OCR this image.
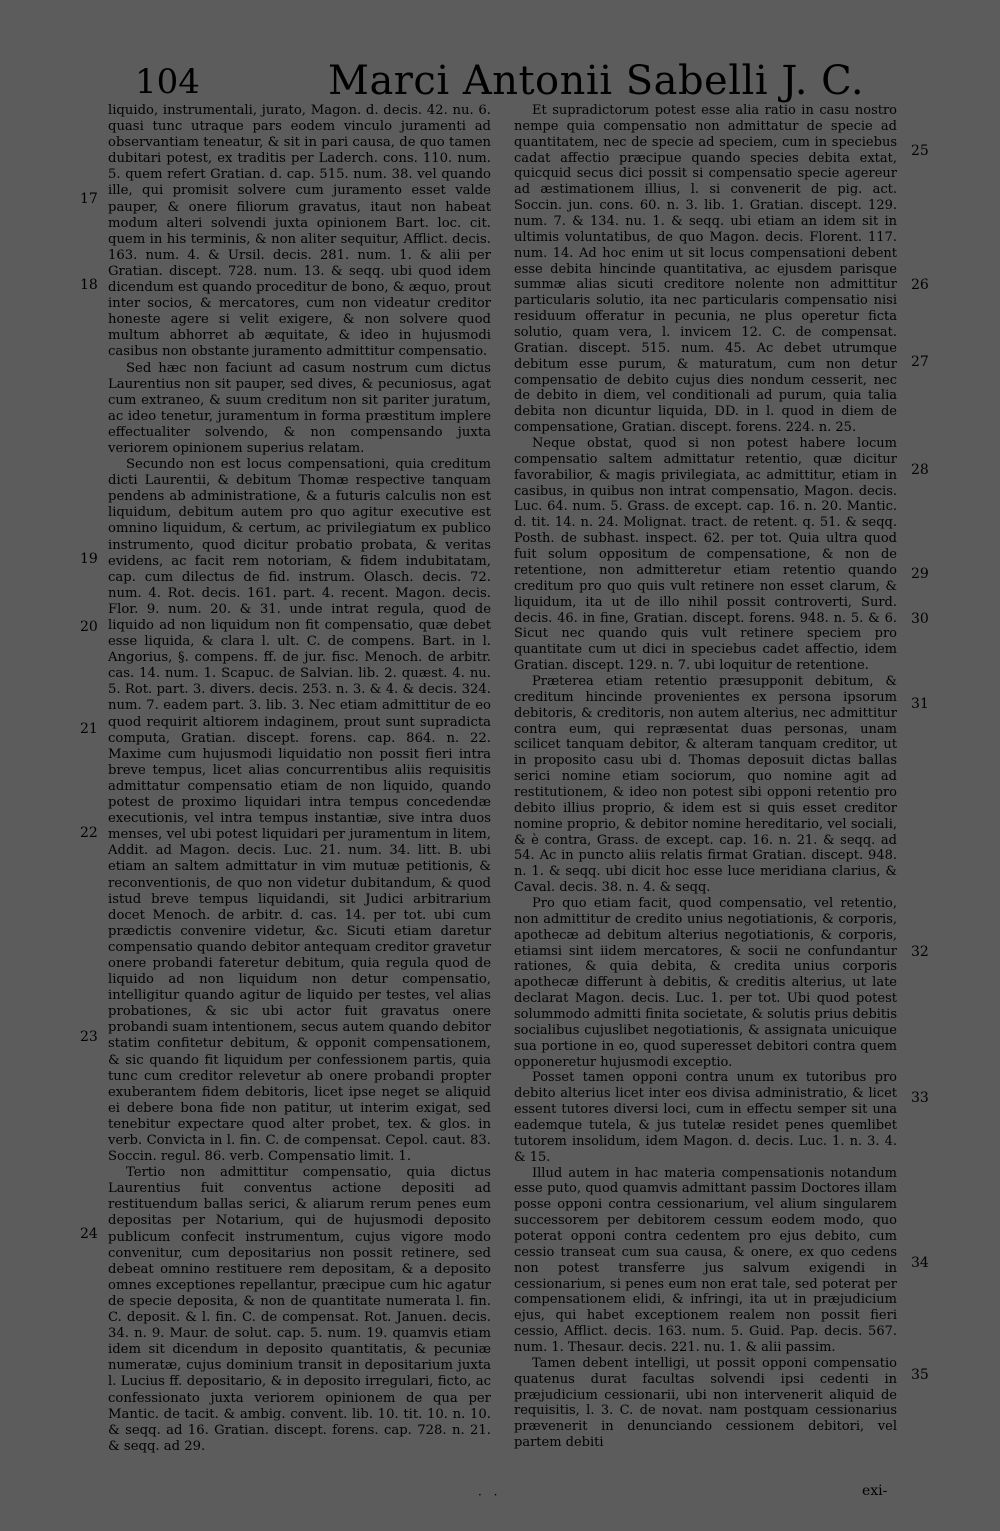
104	Marci Antonii Sabelli J. C.
17
18
19
20
21
22
23
24
25
26
27
28
29
30
31
32
33
34
35

liquido, instrumentali, jurato, Magon. d. decis. 42. nu. 6. quasi tunc utraque pars eodem vinculo juramenti ad observantiam teneatur, & sit in pari causa, de quo tamen dubitari potest, ex traditis per Laderch. cons. 110. num. 5. quem refert Gratian. d. cap. 515. num. 38. vel quando ille, qui promisit solvere cum juramento esset valde pauper, & onere filiorum gravatus, itaut non habeat modum alteri solvendi juxta opinionem Bart. loc. cit. quem in his terminis, & non aliter sequitur, Afflict. decis. 163. num. 4. & Ursil. decis. 281. num. 1. & alii per Gratian. discept. 728. num. 13. & seqq. ubi quod idem dicendum est quando proceditur de bono, & æquo, prout inter socios, & mercatores, cum non videatur creditor honeste agere si velit exigere, & non solvere quod multum abhorret ab æquitate, & ideo in hujusmodi casibus non obstante juramento admittitur compensatio.

Sed hæc non faciunt ad casum nostrum cum dictus Laurentius non sit pauper, sed dives, & pecuniosus, agat cum extraneo, & suum creditum non sit pariter juratum, ac ideo tenetur, juramentum in forma præstitum implere effectualiter solvendo, & non compensando juxta veriorem opinionem superius relatam.

Secundo non est locus compensationi, quia creditum dicti Laurentii, & debitum Thomæ respective tanquam pendens ab administratione, & a futuris calculis non est liquidum, debitum autem pro quo agitur executive est omnino liquidum, & certum, ac privilegiatum ex publico instrumento, quod dicitur probatio probata, & veritas evidens, ac facit rem notoriam, & fidem indubitatam, cap. cum dilectus de fid. instrum. Olasch. decis. 72. num. 4. Rot. decis. 161. part. 4. recent. Magon. decis. Flor. 9. num. 20. & 31. unde intrat regula, quod de liquido ad non liquidum non fit compensatio, quæ debet esse liquida, & clara l. ult. C. de compens. Bart. in l. Angorius, §. compens. ff. de jur. fisc. Menoch. de arbitr. cas. 14. num. 1. Scapuc. de Salvian. lib. 2. quæst. 4. nu. 5. Rot. part. 3. divers. decis. 253. n. 3. & 4. & decis. 324. num. 7. eadem part. 3. lib. 3. Nec etiam admittitur de eo quod requirit altiorem indaginem, prout sunt supradicta computa, Gratian. discept. forens. cap. 864. n. 22. Maxime cum hujusmodi liquidatio non possit fieri intra breve tempus, licet alias concurrentibus aliis requisitis admittatur compensatio etiam de non liquido, quando potest de proximo liquidari intra tempus concedendæ executionis, vel intra tempus instantiæ, sive intra duos menses, vel ubi potest liquidari per juramentum in litem, Addit. ad Magon. decis. Luc. 21. num. 34. litt. B. ubi etiam an saltem admittatur in vim mutuæ petitionis, & reconventionis, de quo non videtur dubitandum, & quod istud breve tempus liquidandi, sit Judici arbitrarium docet Menoch. de arbitr. d. cas. 14. per tot. ubi cum prædictis convenire videtur, &c. Sicuti etiam daretur compensatio quando debitor antequam creditor gravetur onere probandi fateretur debitum, quia regula quod de liquido ad non liquidum non detur compensatio, intelligitur quando agitur de liquido per testes, vel alias probationes, & sic ubi actor fuit gravatus onere probandi suam intentionem, secus autem quando debitor statim confitetur debitum, & opponit compensationem, & sic quando fit liquidum per confessionem partis, quia tunc cum creditor relevetur ab onere probandi propter exuberantem fidem debitoris, licet ipse neget se aliquid ei debere bona fide non patitur, ut interim exigat, sed tenebitur expectare quod alter probet, tex. & glos. in verb. Convicta in l. fin. C. de compensat. Cepol. caut. 83. Soccin. regul. 86. verb. Compensatio limit. 1.

Tertio non admittitur compensatio, quia dictus Laurentius fuit conventus actione depositi ad restituendum ballas serici, & aliarum rerum penes eum depositas per Notarium, qui de hujusmodi deposito publicum confecit instrumentum, cujus vigore modo convenitur, cum depositarius non possit retinere, sed debeat omnino restituere rem depositam, & a deposito omnes exceptiones repellantur, præcipue cum hic agatur de specie deposita, & non de quantitate numerata l. fin. C. deposit. & l. fin. C. de compensat. Rot. Januen. decis. 34. n. 9. Maur. de solut. cap. 5. num. 19. quamvis etiam idem sit dicendum in deposito quantitatis, & pecuniæ numeratæ, cujus dominium transit in depositarium juxta l. Lucius ff. depositario, & in deposito irregulari, ficto, ac confessionato juxta veriorem opinionem de qua per Mantic. de tacit. & ambig. convent. lib. 10. tit. 10. n. 10. & seqq. ad 16. Gratian. discept. forens. cap. 728. n. 21. & seqq. ad 29.

Et supradictorum potest esse alia ratio in casu nostro nempe quia compensatio non admittatur de specie ad quantitatem, nec de specie ad speciem, cum in speciebus cadat affectio præcipue quando species debita extat, quicquid secus dici possit si compensatio specie agereur ad æstimationem illius, l. si convenerit de pig. act. Soccin. jun. cons. 60. n. 3. lib. 1. Gratian. discept. 129. num. 7. & 134. nu. 1. & seqq. ubi etiam an idem sit in ultimis voluntatibus, de quo Magon. decis. Florent. 117. num. 14. Ad hoc enim ut sit locus compensationi debent esse debita hincinde quantitativa, ac ejusdem parisque summæ alias sicuti creditore nolente non admittitur particularis solutio, ita nec particularis compensatio nisi residuum offeratur in pecunia, ne plus operetur ficta solutio, quam vera, l. invicem 12. C. de compensat. Gratian. discept. 515. num. 45. Ac debet utrumque debitum esse purum, & maturatum, cum non detur compensatio de debito cujus dies nondum cesserit, nec de debito in diem, vel conditionali ad purum, quia talia debita non dicuntur liquida, DD. in l. quod in diem de compensatione, Gratian. discept. forens. 224. n. 25.

Neque obstat, quod si non potest habere locum compensatio saltem admittatur retentio, quæ dicitur favorabilior, & magis privilegiata, ac admittitur, etiam in casibus, in quibus non intrat compensatio, Magon. decis. Luc. 64. num. 5. Grass. de except. cap. 16. n. 20. Mantic. d. tit. 14. n. 24. Molignat. tract. de retent. q. 51. & seqq. Posth. de subhast. inspect. 62. per tot. Quia ultra quod fuit solum oppositum de compensatione, & non de retentione, non admitteretur etiam retentio quando creditum pro quo quis vult retinere non esset clarum, & liquidum, ita ut de illo nihil possit controverti, Surd. decis. 46. in fine, Gratian. discept. forens. 948. n. 5. & 6. Sicut nec quando quis vult retinere speciem pro quantitate cum ut dici in speciebus cadet affectio, idem Gratian. discept. 129. n. 7. ubi loquitur de retentione.

Præterea etiam retentio præsupponit debitum, & creditum hincinde provenientes ex persona ipsorum debitoris, & creditoris, non autem alterius, nec admittitur contra eum, qui repræsentat duas personas, unam scilicet tanquam debitor, & alteram tanquam creditor, ut in proposito casu ubi d. Thomas deposuit dictas ballas serici nomine etiam sociorum, quo nomine agit ad restitutionem, & ideo non potest sibi opponi retentio pro debito illius proprio, & idem est si quis esset creditor nomine proprio, & debitor nomine hereditario, vel sociali, & è contra, Grass. de except. cap. 16. n. 21. & seqq. ad 54. Ac in puncto aliis relatis firmat Gratian. discept. 948. n. 1. & seqq. ubi dicit hoc esse luce meridiana clarius, & Caval. decis. 38. n. 4. & seqq.

Pro quo etiam facit, quod compensatio, vel retentio, non admittitur de credito unius negotiationis, & corporis, apothecæ ad debitum alterius negotiationis, & corporis, etiamsi sint iidem mercatores, & socii ne confundantur rationes, & quia debita, & credita unius corporis apothecæ differunt à debitis, & creditis alterius, ut late declarat Magon. decis. Luc. 1. per tot. Ubi quod potest solummodo admitti finita societate, & solutis prius debitis socialibus cujuslibet negotiationis, & assignata unicuique sua portione in eo, quod superesset debitori contra quem opponeretur hujusmodi exceptio.

Posset tamen opponi contra unum ex tutoribus pro debito alterius licet inter eos divisa administratio, & licet essent tutores diversi loci, cum in effectu semper sit una eademque tutela, & jus tutelæ residet penes quemlibet tutorem insolidum, idem Magon. d. decis. Luc. 1. n. 3. 4. & 15.

Illud autem in hac materia compensationis notandum esse puto, quod quamvis admittant passim Doctores illam posse opponi contra cessionarium, vel alium singularem successorem per debitorem cessum eodem modo, quo poterat opponi contra cedentem pro ejus debito, cum cessio transeat cum sua causa, & onere, ex quo cedens non potest transferre jus salvum exigendi in cessionarium, si penes eum non erat tale, sed poterat per compensationem elidi, & infringi, ita ut in præjudicium ejus, qui habet exceptionem realem non possit fieri cessio, Afflict. decis. 163. num. 5. Guid. Pap. decis. 567. num. 1. Thesaur. decis. 221. nu. 1. & alii passim.

Tamen debent intelligi, ut possit opponi compensatio quatenus durat facultas solvendi ipsi cedenti in præjudicium cessionarii, ubi non intervenerit aliquid de requisitis, l. 3. C. de novat. nam postquam cessionarius prævenerit in denunciando cessionem debitori, vel partem debiti

· ·	exi-
